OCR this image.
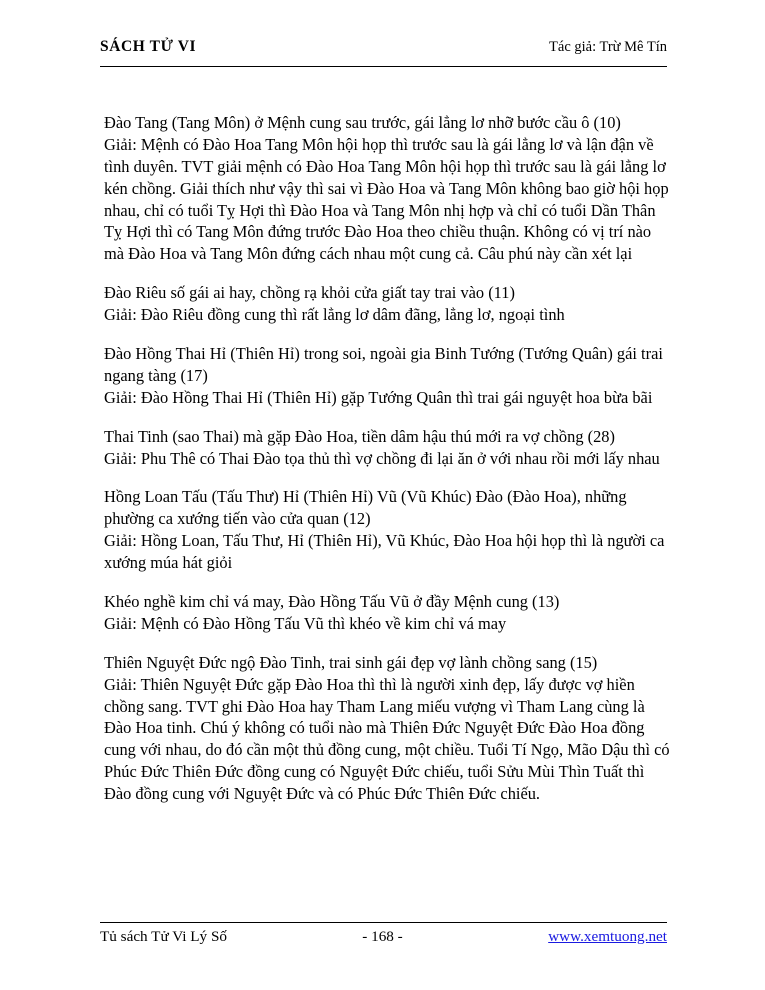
SÁCH TỬ VI	Tác giả: Trừ Mê Tín

Đào Tang (Tang Môn) ở Mệnh cung sau trước, gái lẳng lơ nhỡ bước cầu ô (10)

Giải: Mệnh có Đào Hoa Tang Môn hội họp thì trước sau là gái lẳng lơ và lận đận về tình duyên. TVT giải mệnh có Đào Hoa Tang Môn hội họp thì trước sau là gái lẳng lơ kén chồng. Giải thích như vậy thì sai vì Đào Hoa và Tang Môn không bao giờ hội họp nhau, chỉ có tuổi Tỵ Hợi thì Đào Hoa và Tang Môn nhị hợp và chỉ có tuổi Dần Thân Tỵ Hợi thì có Tang Môn đứng trước Đào Hoa theo chiều thuận. Không có vị trí nào mà Đào Hoa và Tang Môn đứng cách nhau một cung cả. Câu phú này cần xét lại

Đào Riêu số gái ai hay, chồng rạ khỏi cửa giất tay trai vào (11)

Giải: Đào Riêu đồng cung thì rất lẳng lơ dâm đãng, lẳng lơ, ngoại tình

Đào Hồng Thai Hỉ (Thiên Hỉ) trong soi, ngoài gia Binh Tướng (Tướng Quân) gái trai ngang tàng (17)

Giải: Đào Hồng Thai Hỉ (Thiên Hỉ) gặp Tướng Quân thì trai gái nguyệt hoa bừa bãi

Thai Tinh (sao Thai) mà gặp Đào Hoa, tiền dâm hậu thú mới ra vợ chồng (28)

Giải: Phu Thê có Thai Đào tọa thủ thì vợ chồng đi lại ăn ở với nhau rồi mới lấy nhau

Hồng Loan Tấu (Tấu Thư) Hỉ (Thiên Hỉ) Vũ (Vũ Khúc) Đào (Đào Hoa), những phường ca xướng tiến vào cửa quan (12)

Giải: Hồng Loan, Tấu Thư, Hỉ (Thiên Hỉ), Vũ Khúc, Đào Hoa hội họp thì là người ca xướng múa hát giỏi

Khéo nghề kim chỉ vá may, Đào Hồng Tấu Vũ ở đầy Mệnh cung (13)

Giải: Mệnh có Đào Hồng Tấu Vũ thì khéo về kim chỉ vá may

Thiên Nguyệt Đức ngộ Đào Tinh, trai sinh gái đẹp vợ lành chồng sang (15)

Giải: Thiên Nguyệt Đức gặp Đào Hoa thì thì là người xinh đẹp, lấy được vợ hiền chồng sang. TVT ghi Đào Hoa hay Tham Lang miếu vượng vì Tham Lang cùng là Đào Hoa tinh. Chú ý không có tuổi nào mà Thiên Đức Nguyệt Đức Đào Hoa đồng cung với nhau, do đó cần một thủ đồng cung, một chiều. Tuổi Tí Ngọ, Mão Dậu thì có Phúc Đức Thiên Đức đồng cung có Nguyệt Đức chiếu, tuổi Sửu Mùi Thìn Tuất thì Đào đồng cung với Nguyệt Đức và có Phúc Đức Thiên Đức chiếu.

Tủ sách Tử Vi Lý Số	www.xemtuong.net
- 168 -
